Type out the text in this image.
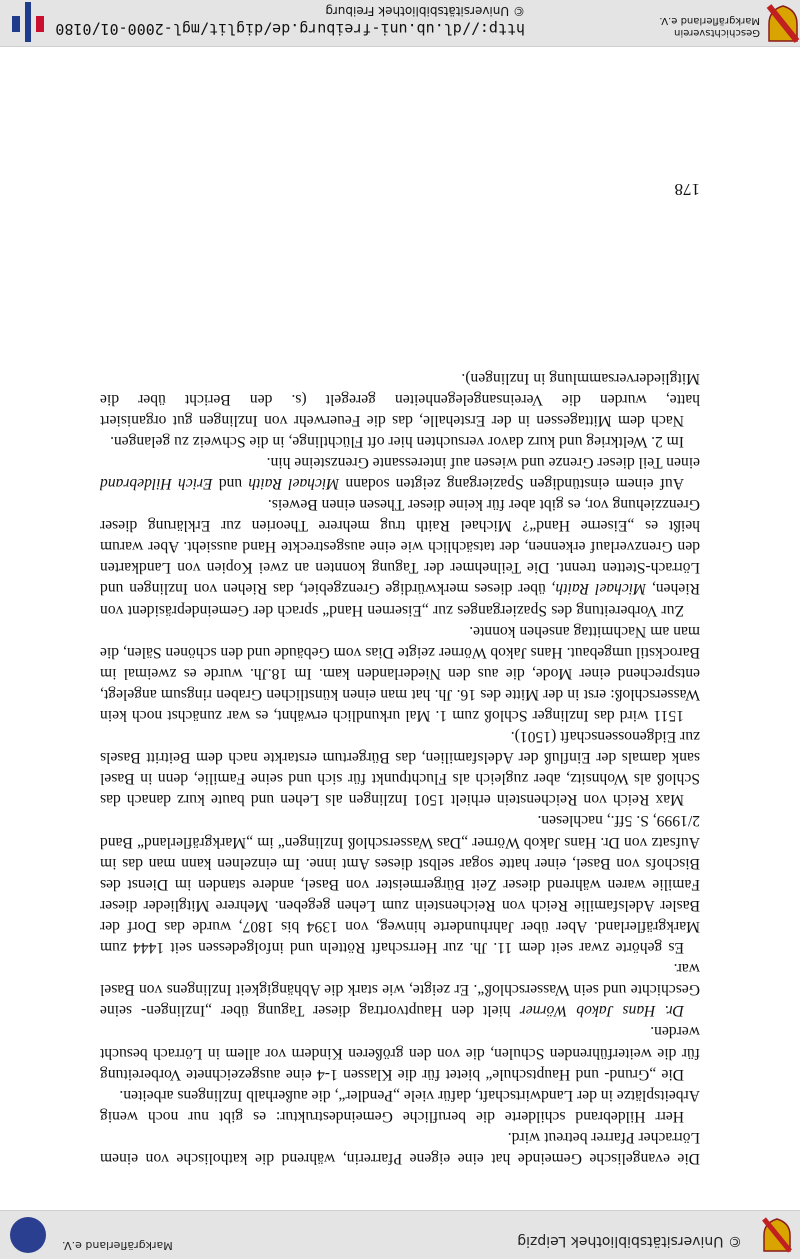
© Universitätsbibliothek Leipzig
Markgräflerland e.V.

Die evangelische Gemeinde hat eine eigene Pfarrerin, während die katholische von einem Lörracher Pfarrer betreut wird.

Herr Hildebrand schilderte die berufliche Gemeindestruktur: es gibt nur noch wenig Arbeitsplätze in der Landwirtschaft, dafür viele „Pendler“, die außerhalb Inzlingens arbeiten.

Die „Grund- und Hauptschule“ bietet für die Klassen 1-4 eine ausgezeichnete Vorbereitung für die weiterführenden Schulen, die von den größeren Kindern vor allem in Lörrach besucht werden.

Dr. Hans Jakob Wörner hielt den Hauptvortrag dieser Tagung über „Inzlingen- seine Geschichte und sein Wasserschloß“. Er zeigte, wie stark die Abhängigkeit Inzlingens von Basel war.

Es gehörte zwar seit dem 11. Jh. zur Herrschaft Rötteln und infolgedessen seit 1444 zum Markgräflerland. Aber über Jahrhunderte hinweg, von 1394 bis 1807, wurde das Dorf der Basler Adelsfamilie Reich von Reichenstein zum Lehen gegeben. Mehrere Mitglieder dieser Familie waren während dieser Zeit Bürgermeister von Basel, andere standen im Dienst des Bischofs von Basel, einer hatte sogar selbst dieses Amt inne. Im einzelnen kann man das im Aufsatz von Dr. Hans Jakob Wörner „Das Wasserschloß Inzlingen“ im „Markgräflerland“ Band 2/1999, S. 5ff., nachlesen.

Max Reich von Reichenstein erhielt 1501 Inzlingen als Lehen und baute kurz danach das Schloß als Wohnsitz, aber zugleich als Fluchtpunkt für sich und seine Familie, denn in Basel sank damals der Einfluß der Adelsfamilien, das Bürgertum erstarkte nach dem Beitritt Basels zur Eidgenossenschaft (1501).

1511 wird das Inzlinger Schloß zum 1. Mal urkundlich erwähnt, es war zunächst noch kein Wasserschloß: erst in der Mitte des 16. Jh. hat man einen künstlichen Graben ringsum angelegt, entsprechend einer Mode, die aus den Niederlanden kam. Im 18.Jh. wurde es zweimal im Barockstil umgebaut. Hans Jakob Wörner zeigte Dias vom Gebäude und den schönen Sälen, die man am Nachmittag ansehen konnte.

Zur Vorbereitung des Spazierganges zur „Eisernen Hand“ sprach der Gemeindepräsident von Riehen, Michael Raith, über dieses merkwürdige Grenzgebiet, das Riehen von Inzlingen und Lörrach-Stetten trennt. Die Teilnehmer der Tagung konnten an zwei Kopien von Landkarten den Grenzverlauf erkennen, der tatsächlich wie eine ausgestreckte Hand aussieht. Aber warum heißt es „Eiserne Hand“? Michael Raith trug mehrere Theorien zur Erklärung dieser Grenzziehung vor, es gibt aber für keine dieser Thesen einen Beweis.

Auf einem einstündigen Spaziergang zeigten sodann Michael Raith und Erich Hildebrand einen Teil dieser Grenze und wiesen auf interessante Grenzsteine hin.

Im 2. Weltkrieg und kurz davor versuchten hier oft Flüchtlinge, in die Schweiz zu gelangen.

Nach dem Mittagessen in der Erstehalle, das die Feuerwehr von Inzlingen gut organisiert hatte, wurden die Vereinsangelegenheiten geregelt (s. den Bericht über die Mitgliederversammlung in Inzlingen).

178
Geschichtsverein
Markgräflerland e.V.
http://dl.ub.uni-freiburg.de/diglit/mgl-2000-01/0180
© Universitätsbibliothek Freiburg
